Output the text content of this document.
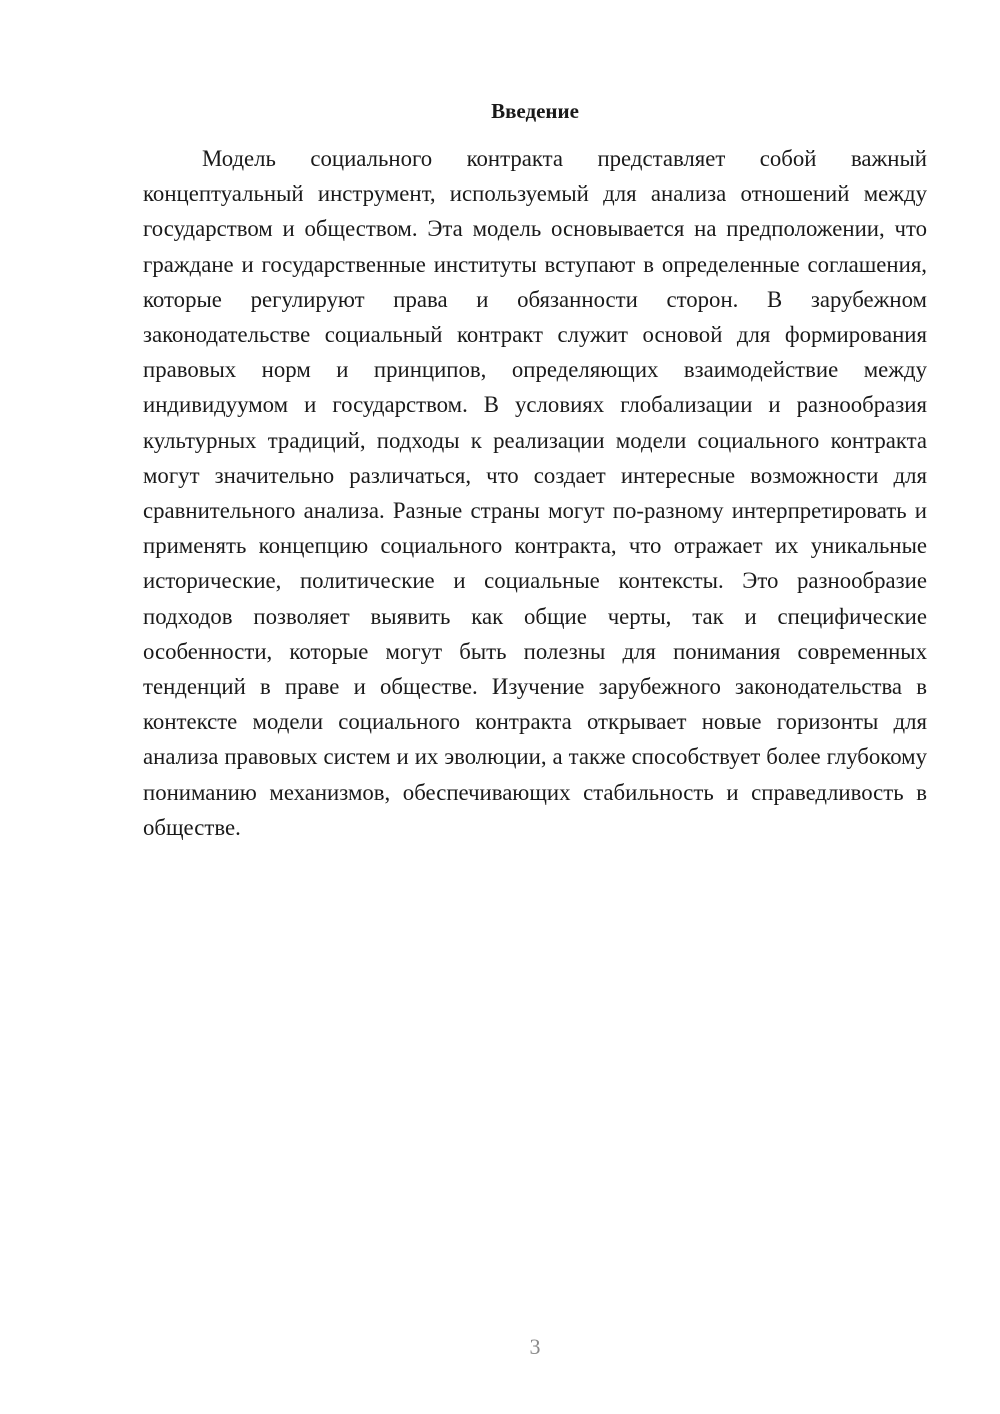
Введение

Модель социального контракта представляет собой важный концептуальный инструмент, используемый для анализа отношений между государством и обществом. Эта модель основывается на предположении, что граждане и государственные институты вступают в определенные соглашения, которые регулируют права и обязанности сторон. В зарубежном законодательстве социальный контракт служит основой для формирования правовых норм и принципов, определяющих взаимодействие между индивидуумом и государством. В условиях глобализации и разнообразия культурных традиций, подходы к реализации модели социального контракта могут значительно различаться, что создает интересные возможности для сравнительного анализа. Разные страны могут по-разному интерпретировать и применять концепцию социального контракта, что отражает их уникальные исторические, политические и социальные контексты. Это разнообразие подходов позволяет выявить как общие черты, так и специфические особенности, которые могут быть полезны для понимания современных тенденций в праве и обществе. Изучение зарубежного законодательства в контексте модели социального контракта открывает новые горизонты для анализа правовых систем и их эволюции, а также способствует более глубокому пониманию механизмов, обеспечивающих стабильность и справедливость в обществе.

3
